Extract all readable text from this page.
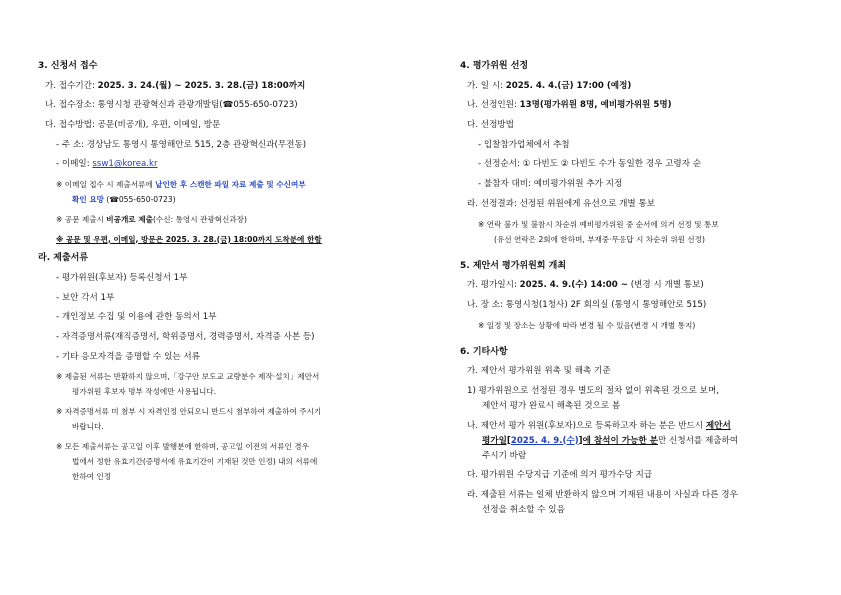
3. 신청서 접수
가. 접수기간: 2025. 3. 24.(월) ~ 2025. 3. 28.(금) 18:00까지
나. 접수장소: 통영시청 관광혁신과 관광개발팀(☎055-650-0723)
다. 접수방법: 공문(비공개), 우편, 이메일, 방문
- 주 소: 경상남도 통영시 통영해안로 515, 2층 관광혁신과(무전동)
- 이메일: ssw1@korea.kr
※ 이메일 접수 시 제출서류에 낱인한 후 스캔한 파일 자료 제출 및 수신여부
확인 요망 (☎055-650-0723)
※ 공문 제출시 비공개로 제출(수신: 통영시 관광혁신과장)
※ 공문 및 우편, 이메일, 방문은 2025. 3. 28.(금) 18:00까지 도착분에 한함
라. 제출서류
- 평가위원(후보자) 등록신청서 1부
- 보안 각서 1부
- 개인정보 수집 및 이용에 관한 동의서 1부
- 자격증명서류(재직증명서, 학위증명서, 경력증명서, 자격증 사본 등)
- 기타 응모자격을 증명할 수 있는 서류
※ 제출된 서류는 반환하지 않으며,「강구안 보도교 교량분수 제작·설치」제안서
평가위원 후보자 명부 작성에만 사용됩니다.
※ 자격증명서류 미 첨부 시 자격인정 안되오니 반드시 첨부하여 제출하여 주시기
바랍니다.
※ 모든 제출서류는 공고일 이후 발행분에 한하며, 공고일 이전의 서류인 경우
법에서 정한 유효기간(증명서에 유효기간이 기재된 것만 인정) 내의 서류에
한하여 인정
4. 평가위원 선정
가. 일 시: 2025. 4. 4.(금) 17:00 (예정)
나. 선정인원: 13명(평가위원 8명, 예비평가위원 5명)
다. 선정방법
- 입찰참가업체에서 추첨
- 선정순서: ① 다빈도 ② 다빈도 수가 동일한 경우 고령자 순
- 불참자 대비: 예비평가위원 추가 지정
라. 선정결과: 선정된 위원에게 유선으로 개별 통보
※ 연락 불가 및 불참시 차순위 예비평가위원 중 순서에 의거 선정 및 통보
(유선 연락은 2회에 한하며, 부재중·무응답 시 차순위 위원 선정)
5. 제안서 평가위원회 개최
가. 평가일시: 2025. 4. 9.(수) 14:00 ~ (변경 시 개별 통보)
나. 장 소: 통영시청(1청사) 2F 회의실 (통영시 통영해안로 515)
※ 일정 및 장소는 상황에 따라 변경 될 수 있음(변경 시 개별 통지)
6. 기타사항
가. 제안서 평가위원 위촉 및 해촉 기준
1) 평가위원으로 선정된 경우 별도의 절차 없이 위촉된 것으로 보며,
제안서 평가 완료시 해촉된 것으로 봄
나. 제안서 평가 위원(후보자)으로 등록하고자 하는 분은 반드시 제안서
평가일[2025. 4. 9.(수)]에 참석이 가능한 분만 신청서를 제출하여
주시기 바람
다. 평가위원 수당지급 기준에 의거 평가수당 지급
라. 제출된 서류는 일체 반환하지 않으며 기재된 내용이 사실과 다른 경우
선정을 취소할 수 있음
